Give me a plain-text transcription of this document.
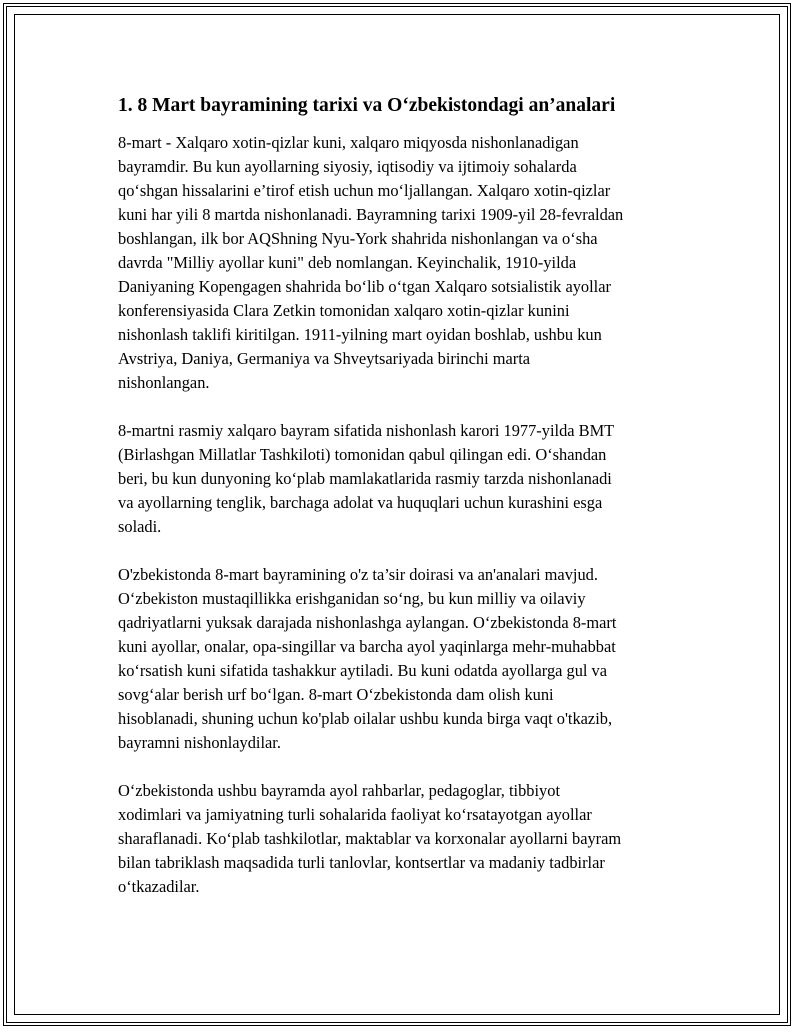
1. 8 Mart bayramining tarixi va O‘zbekistondagi an’analari

8-mart - Xalqaro xotin-qizlar kuni, xalqaro miqyosda nishonlanadigan
bayramdir. Bu kun ayollarning siyosiy, iqtisodiy va ijtimoiy sohalarda
qo‘shgan hissalarini e’tirof etish uchun mo‘ljallangan. Xalqaro xotin-qizlar
kuni har yili 8 martda nishonlanadi. Bayramning tarixi 1909-yil 28-fevraldan
boshlangan, ilk bor AQShning Nyu-York shahrida nishonlangan va o‘sha
davrda "Milliy ayollar kuni" deb nomlangan. Keyinchalik, 1910-yilda
Daniyaning Kopengagen shahrida bo‘lib o‘tgan Xalqaro sotsialistik ayollar
konferensiyasida Clara Zetkin tomonidan xalqaro xotin-qizlar kunini
nishonlash taklifi kiritilgan. 1911-yilning mart oyidan boshlab, ushbu kun
Avstriya, Daniya, Germaniya va Shveytsariyada birinchi marta
nishonlangan.

8-martni rasmiy xalqaro bayram sifatida nishonlash karori 1977-yilda BMT
(Birlashgan Millatlar Tashkiloti) tomonidan qabul qilingan edi. O‘shandan
beri, bu kun dunyoning ko‘plab mamlakatlarida rasmiy tarzda nishonlanadi
va ayollarning tenglik, barchaga adolat va huquqlari uchun kurashini esga
soladi.

O'zbekistonda 8-mart bayramining o'z ta’sir doirasi va an'analari mavjud.
O‘zbekiston mustaqillikka erishganidan so‘ng, bu kun milliy va oilaviy
qadriyatlarni yuksak darajada nishonlashga aylangan. O‘zbekistonda 8-mart
kuni ayollar, onalar, opa-singillar va barcha ayol yaqinlarga mehr-muhabbat
ko‘rsatish kuni sifatida tashakkur aytiladi. Bu kuni odatda ayollarga gul va
sovg‘alar berish urf bo‘lgan. 8-mart O‘zbekistonda dam olish kuni
hisoblanadi, shuning uchun ko'plab oilalar ushbu kunda birga vaqt o'tkazib,
bayramni nishonlaydilar.

O‘zbekistonda ushbu bayramda ayol rahbarlar, pedagoglar, tibbiyot
xodimlari va jamiyatning turli sohalarida faoliyat ko‘rsatayotgan ayollar
sharaflanadi. Ko‘plab tashkilotlar, maktablar va korxonalar ayollarni bayram
bilan tabriklash maqsadida turli tanlovlar, kontsertlar va madaniy tadbirlar
o‘tkazadilar.
